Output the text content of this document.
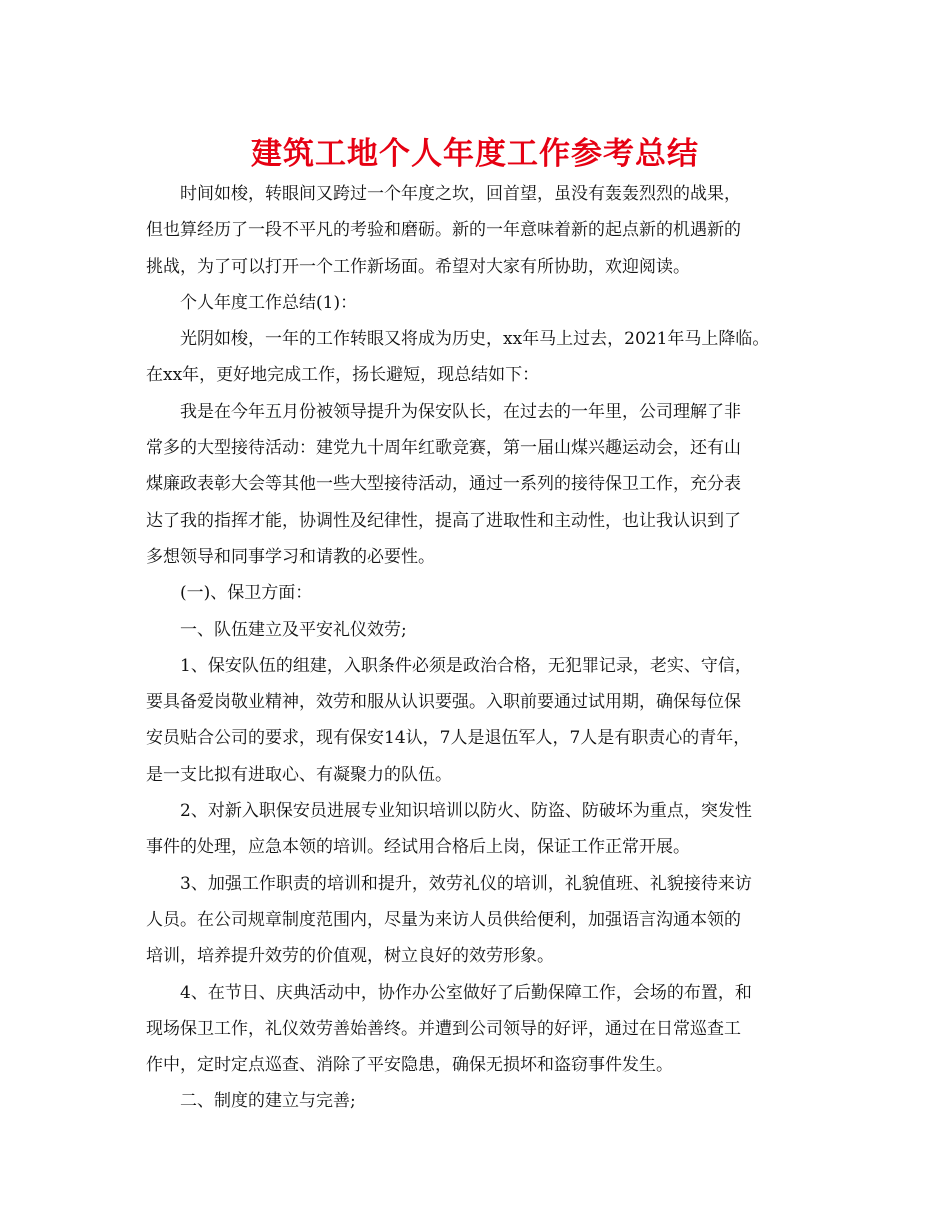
建筑工地个人年度工作参考总结
　　时间如梭，转眼间又跨过一个年度之坎，回首望，虽没有轰轰烈烈的战果，
但也算经历了一段不平凡的考验和磨砺。新的一年意味着新的起点新的机遇新的
挑战，为了可以打开一个工作新场面。希望对大家有所协助，欢迎阅读。
　　个人年度工作总结(1)：
　　光阴如梭，一年的工作转眼又将成为历史，xx年马上过去，2021年马上降临。
在xx年，更好地完成工作，扬长避短，现总结如下：
　　我是在今年五月份被领导提升为保安队长，在过去的一年里，公司理解了非
常多的大型接待活动：建党九十周年红歌竞赛，第一届山煤兴趣运动会，还有山
煤廉政表彰大会等其他一些大型接待活动，通过一系列的接待保卫工作，充分表
达了我的指挥才能，协调性及纪律性，提高了进取性和主动性，也让我认识到了
多想领导和同事学习和请教的必要性。
　　(一)、保卫方面：
　　一、队伍建立及平安礼仪效劳;
　　1、保安队伍的组建，入职条件必须是政治合格，无犯罪记录，老实、守信，
要具备爱岗敬业精神，效劳和服从认识要强。入职前要通过试用期，确保每位保
安员贴合公司的要求，现有保安14认，7人是退伍军人，7人是有职责心的青年，
是一支比拟有进取心、有凝聚力的队伍。
　　2、对新入职保安员进展专业知识培训以防火、防盗、防破坏为重点，突发性
事件的处理，应急本领的培训。经试用合格后上岗，保证工作正常开展。
　　3、加强工作职责的培训和提升，效劳礼仪的培训，礼貌值班、礼貌接待来访
人员。在公司规章制度范围内，尽量为来访人员供给便利，加强语言沟通本领的
培训，培养提升效劳的价值观，树立良好的效劳形象。
　　4、在节日、庆典活动中，协作办公室做好了后勤保障工作，会场的布置，和
现场保卫工作，礼仪效劳善始善终。并遭到公司领导的好评，通过在日常巡查工
作中，定时定点巡查、消除了平安隐患，确保无损坏和盗窃事件发生。
　　二、制度的建立与完善;
